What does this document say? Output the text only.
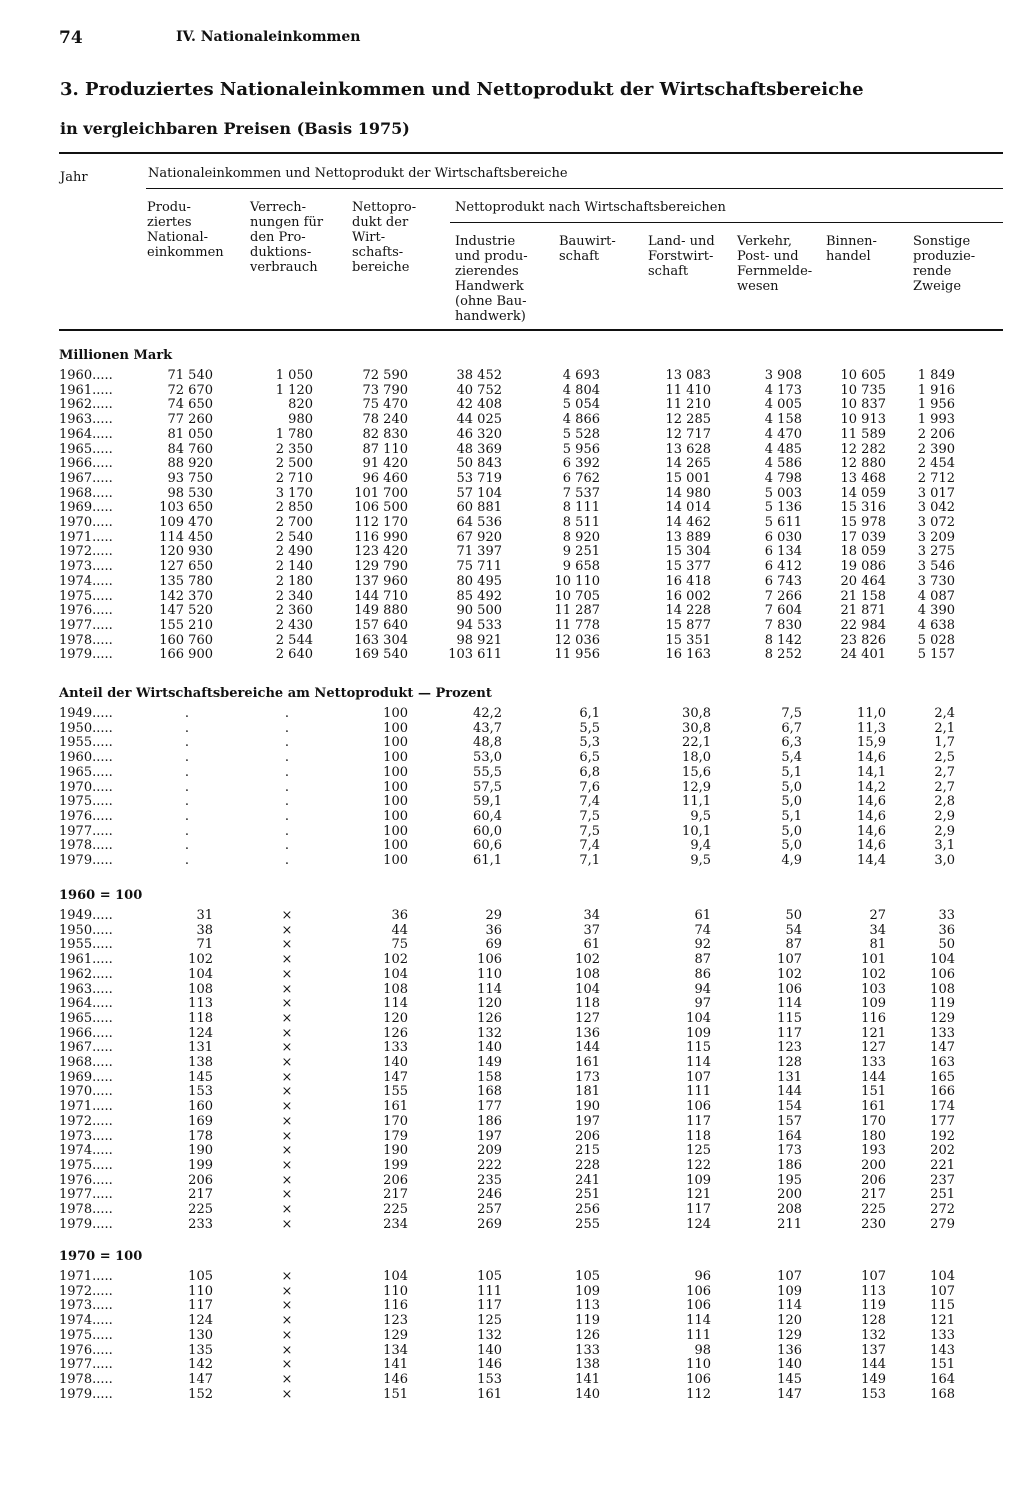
74	IV. Nationaleinkommen
3. Produziertes Nationaleinkommen und Nettoprodukt der Wirtschaftsbereiche
in vergleichbaren Preisen (Basis 1975)
Jahr	Nationaleinkommen und Nettoprodukt der Wirtschaftsbereiche
Nettoprodukt nach Wirtschaftsbereichen
Produ-
ziertes
National-
einkommen
Verrech-
nungen für
den Pro-
duktions-
verbrauch
Nettopro-
dukt der
Wirt-
schafts-
bereiche
Industrie
und produ-
zierendes
Handwerk
(ohne Bau-
handwerk)
Bauwirt-
schaft
Land- und
Forstwirt-
schaft
Verkehr,
Post- und
Fernmelde-
wesen
Binnen-
handel
Sonstige
produzie-
rende
Zweige
Millionen Mark
1960.....	71 540	1 050	72 590	38 452	4 693	13 083	3 908	10 605	1 849
1961.....	72 670	1 120	73 790	40 752	4 804	11 410	4 173	10 735	1 916
1962.....	74 650	820	75 470	42 408	5 054	11 210	4 005	10 837	1 956
1963.....	77 260	980	78 240	44 025	4 866	12 285	4 158	10 913	1 993
1964.....	81 050	1 780	82 830	46 320	5 528	12 717	4 470	11 589	2 206
1965.....	84 760	2 350	87 110	48 369	5 956	13 628	4 485	12 282	2 390
1966.....	88 920	2 500	91 420	50 843	6 392	14 265	4 586	12 880	2 454
1967.....	93 750	2 710	96 460	53 719	6 762	15 001	4 798	13 468	2 712
1968.....	98 530	3 170	101 700	57 104	7 537	14 980	5 003	14 059	3 017
1969.....	103 650	2 850	106 500	60 881	8 111	14 014	5 136	15 316	3 042
1970.....	109 470	2 700	112 170	64 536	8 511	14 462	5 611	15 978	3 072
1971.....	114 450	2 540	116 990	67 920	8 920	13 889	6 030	17 039	3 209
1972.....	120 930	2 490	123 420	71 397	9 251	15 304	6 134	18 059	3 275
1973.....	127 650	2 140	129 790	75 711	9 658	15 377	6 412	19 086	3 546
1974.....	135 780	2 180	137 960	80 495	10 110	16 418	6 743	20 464	3 730
1975.....	142 370	2 340	144 710	85 492	10 705	16 002	7 266	21 158	4 087
1976.....	147 520	2 360	149 880	90 500	11 287	14 228	7 604	21 871	4 390
1977.....	155 210	2 430	157 640	94 533	11 778	15 877	7 830	22 984	4 638
1978.....	160 760	2 544	163 304	98 921	12 036	15 351	8 142	23 826	5 028
1979.....	166 900	2 640	169 540	103 611	11 956	16 163	8 252	24 401	5 157
Anteil der Wirtschaftsbereiche am Nettoprodukt — Prozent
1949.....	.	.	100	42,2	6,1	30,8	7,5	11,0	2,4
1950.....	.	.	100	43,7	5,5	30,8	6,7	11,3	2,1
1955.....	.	.	100	48,8	5,3	22,1	6,3	15,9	1,7
1960.....	.	.	100	53,0	6,5	18,0	5,4	14,6	2,5
1965.....	.	.	100	55,5	6,8	15,6	5,1	14,1	2,7
1970.....	.	.	100	57,5	7,6	12,9	5,0	14,2	2,7
1975.....	.	.	100	59,1	7,4	11,1	5,0	14,6	2,8
1976.....	.	.	100	60,4	7,5	9,5	5,1	14,6	2,9
1977.....	.	.	100	60,0	7,5	10,1	5,0	14,6	2,9
1978.....	.	.	100	60,6	7,4	9,4	5,0	14,6	3,1
1979.....	.	.	100	61,1	7,1	9,5	4,9	14,4	3,0
1960 = 100
1949.....	31	×	36	29	34	61	50	27	33
1950.....	38	×	44	36	37	74	54	34	36
1955.....	71	×	75	69	61	92	87	81	50
1961.....	102	×	102	106	102	87	107	101	104
1962.....	104	×	104	110	108	86	102	102	106
1963.....	108	×	108	114	104	94	106	103	108
1964.....	113	×	114	120	118	97	114	109	119
1965.....	118	×	120	126	127	104	115	116	129
1966.....	124	×	126	132	136	109	117	121	133
1967.....	131	×	133	140	144	115	123	127	147
1968.....	138	×	140	149	161	114	128	133	163
1969.....	145	×	147	158	173	107	131	144	165
1970.....	153	×	155	168	181	111	144	151	166
1971.....	160	×	161	177	190	106	154	161	174
1972.....	169	×	170	186	197	117	157	170	177
1973.....	178	×	179	197	206	118	164	180	192
1974.....	190	×	190	209	215	125	173	193	202
1975.....	199	×	199	222	228	122	186	200	221
1976.....	206	×	206	235	241	109	195	206	237
1977.....	217	×	217	246	251	121	200	217	251
1978.....	225	×	225	257	256	117	208	225	272
1979.....	233	×	234	269	255	124	211	230	279
1970 = 100
1971.....	105	×	104	105	105	96	107	107	104
1972.....	110	×	110	111	109	106	109	113	107
1973.....	117	×	116	117	113	106	114	119	115
1974.....	124	×	123	125	119	114	120	128	121
1975.....	130	×	129	132	126	111	129	132	133
1976.....	135	×	134	140	133	98	136	137	143
1977.....	142	×	141	146	138	110	140	144	151
1978.....	147	×	146	153	141	106	145	149	164
1979.....	152	×	151	161	140	112	147	153	168
